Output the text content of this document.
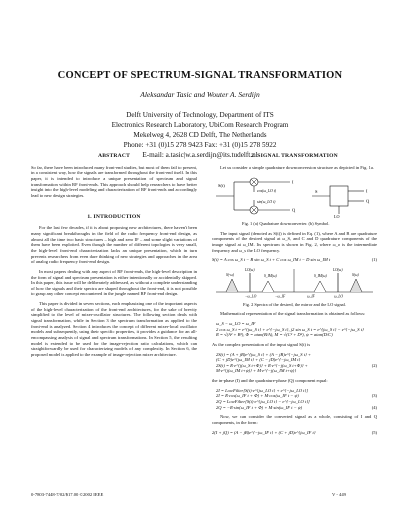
CONCEPT OF SPECTRUM-SIGNAL TRANSFORMATION
Aleksandar Tasic and Wouter A. Serdijn
Delft University of Technology, Department of ITS
Electronics Research Laboratory, UbiCom Research Program
Mekelweg 4, 2628 CD Delft, The Netherlands
Phone: +31 (0)15 278 9423 Fax: +31 (0)15 278 5922
E-mail: a.tasic|w.a.serdijn@its.tudelft.nl
ABSTRACT
So far, there have been introduced many front-end studies, but most of them fail to present, in a consistent way, how the signals are transformed throughout the front-end itself. In this paper, it is intended to introduce a unique presentation of spectrum and signal transformation within RF front-ends. This approach should help researchers to have better insight into the high-level modeling and characterization of RF front-ends and accordingly lead to new design strategies.
1. INTRODUCTION
For the last few decades, if it is about proposing new architectures, there haven't been many significant breakthroughs in the field of the radio frequency front-end design, as almost all the time two basic structures – high and zero IF – and some slight variations of them have been exploited. Even though the number of different topologies is very small, the high-level front-end characterization lacks an unique presentation, which in turn prevents researchers from even dare thinking of new strategies and approaches in the area of analog radio frequency front-end design.
In most papers dealing with any aspect of RF front-ends, the high-level description in the form of signal and spectrum presentation is either intentionally or accidentally skipped. In this paper, this issue will be deliberately addressed, as without a complete understanding of how the signals and their spectra are shaped throughout the front-end, it is not possible to grasp any other concept encountered in the jungle named RF front-end design.
This paper is divided in seven sections, each emphasizing one of the important aspects of the high-level characterization of the front-end architectures, for the sake of brevity simplified to the level of mixer-oscillator structures. The following section deals with signal transformation, while in Section 3 the spectrum transformation as applied to the front-end is analyzed. Section 4 introduces the concept of different mixer-local oscillator models and subsequently, using their specific properties, it provides a guidance for an all-encompassing analysis of signal and spectrum transformations. In Section 5, the resulting model is extended to be used for the image-rejection ratio calculations, which can straightforwardly be used for characterizing models of any complexity. In Section 6, the proposed model is applied to the example of image-rejection mixer architecture.
2. SIGNAL TRANSFORMATION
Let us consider a simple quadrature downconversion structure as depicted in Fig. 1a.
S(t)
cos(ω_LO t)
sin(ω_LO t)
I
Q
S	I
Q
LO
Fig. 1 (a) Quadrature downconverter. (b) Symbol.
The input signal (denoted as S(t)) is defined in Eq. (1), where A and B are quadrature components of the desired signal at ω_S, and C and D quadrature components of the image signal at ω_IM. Its spectrum is shown in Fig. 2, where ω_o is the intermediate frequency and ω_s the LO frequency.
S(t) = A cos ω_S t − B sin ω_S t + C cos ω_IM t − D sin ω_IM t	(1)
S(-ω)
LO(ω)
S_IM(ω)	S_IM(ω)
LO(ω)
S(ω)
−ω_LO	−ω_IF	ω_IF	ω_LO
Fig. 2 Spectra of the desired, the mirror and the LO signal.
Mathematical representation of the signal transformation is obtained as follows:
ω_S − ω_LO = ω_IF
2 cos ω_S t = e^{jω_S t} + e^{−jω_S t}, j2 sin ω_S t = e^{jω_S t} − e^{−jω_S t}
R = √(A² + B²), Φ = atan(B/A), M = √(C² + D²), ψ = atan(D/C)
As the complex presentation of the input signal S(t) is
2S(t) = (A + jB)e^{jω_S t} + (A − jB)e^{−jω_S t} +
(C + jD)e^{jω_IM t} + (C − jD)e^{−jω_IM t}
2S(t) = R·e^{j(ω_S t+Φ)} + R·e^{−j(ω_S t+Φ)} +	(2)
M·e^{j(ω_IM t+ψ)} + M·e^{−j(ω_IM t+ψ)}
the in-phase (I) and the quadrature-phase (Q) component equal:
2I = LowFilter[S(t)·e^{jω_LO t} + e^{−jω_LO t}]
2I = R·cos(ω_IF t + Φ) + M·cos(ω_IF t − ψ)	(3)
2Q = LowFilter[S(t)·e^{jω_LO t} − e^{−jω_LO t}]
2Q = −R·sin(ω_IF t + Φ) + M·sin(ω_IF t − ψ)	(4)
Now, we can consider the converted signal as a whole, consisting of I and Q components, in the form:
2(I + jQ) = (A − jB)e^{−jω_IF t} + (C + jD)e^{jω_IF t}	(5)
0-7803-7448-7/02/$17.00 ©2002 IEEE	V - 449
